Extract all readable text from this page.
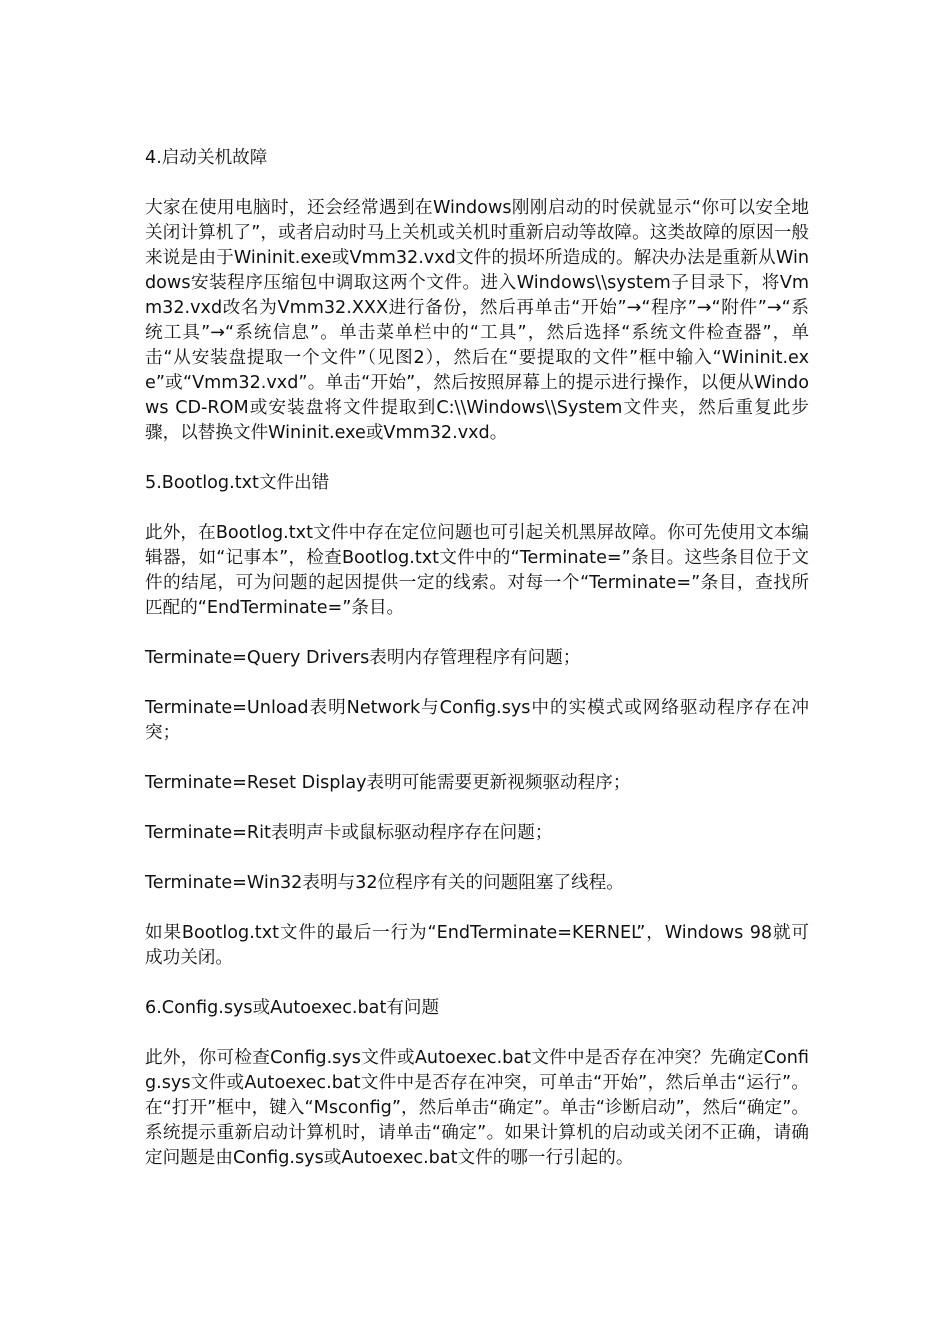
4.启动关机故障

大家在使用电脑时，还会经常遇到在Windows刚刚启动的时侯就显示“你可以安全地关闭计算机了”，或者启动时马上关机或关机时重新启动等故障。这类故障的原因一般来说是由于Wininit.exe或Vmm32.vxd文件的损坏所造成的。解决办法是重新从Windows安装程序压缩包中调取这两个文件。进入Windows\\system子目录下，将Vmm32.vxd改名为Vmm32.XXX进行备份，然后再单击“开始”→“程序”→“附件”→“系统工具”→“系统信息”。单击菜单栏中的“工具”，然后选择“系统文件检查器”，单击“从安装盘提取一个文件”（见图2），然后在“要提取的文件”框中输入“Wininit.exe”或“Vmm32.vxd”。单击“开始”，然后按照屏幕上的提示进行操作，以便从Windows CD-ROM或安装盘将文件提取到C:\\Windows\\System文件夹，然后重复此步骤，以替换文件Wininit.exe或Vmm32.vxd。

5.Bootlog.txt文件出错

此外，在Bootlog.txt文件中存在定位问题也可引起关机黑屏故障。你可先使用文本编辑器，如“记事本”，检查Bootlog.txt文件中的“Terminate=”条目。这些条目位于文件的结尾，可为问题的起因提供一定的线索。对每一个“Terminate=”条目，查找所匹配的“EndTerminate=”条目。

Terminate=Query Drivers表明内存管理程序有问题；

Terminate=Unload表明Network与Config.sys中的实模式或网络驱动程序存在冲突；

Terminate=Reset Display表明可能需要更新视频驱动程序；

Terminate=Rit表明声卡或鼠标驱动程序存在问题；

Terminate=Win32表明与32位程序有关的问题阻塞了线程。

如果Bootlog.txt文件的最后一行为“EndTerminate=KERNEL”，Windows 98就可成功关闭。

6.Config.sys或Autoexec.bat有问题

此外，你可检查Config.sys文件或Autoexec.bat文件中是否存在冲突？先确定Config.sys文件或Autoexec.bat文件中是否存在冲突，可单击“开始”，然后单击“运行”。在“打开”框中，键入“Msconfig”，然后单击“确定”。单击“诊断启动”，然后“确定”。系统提示重新启动计算机时，请单击“确定”。如果计算机的启动或关闭不正确，请确定问题是由Config.sys或Autoexec.bat文件的哪一行引起的。
